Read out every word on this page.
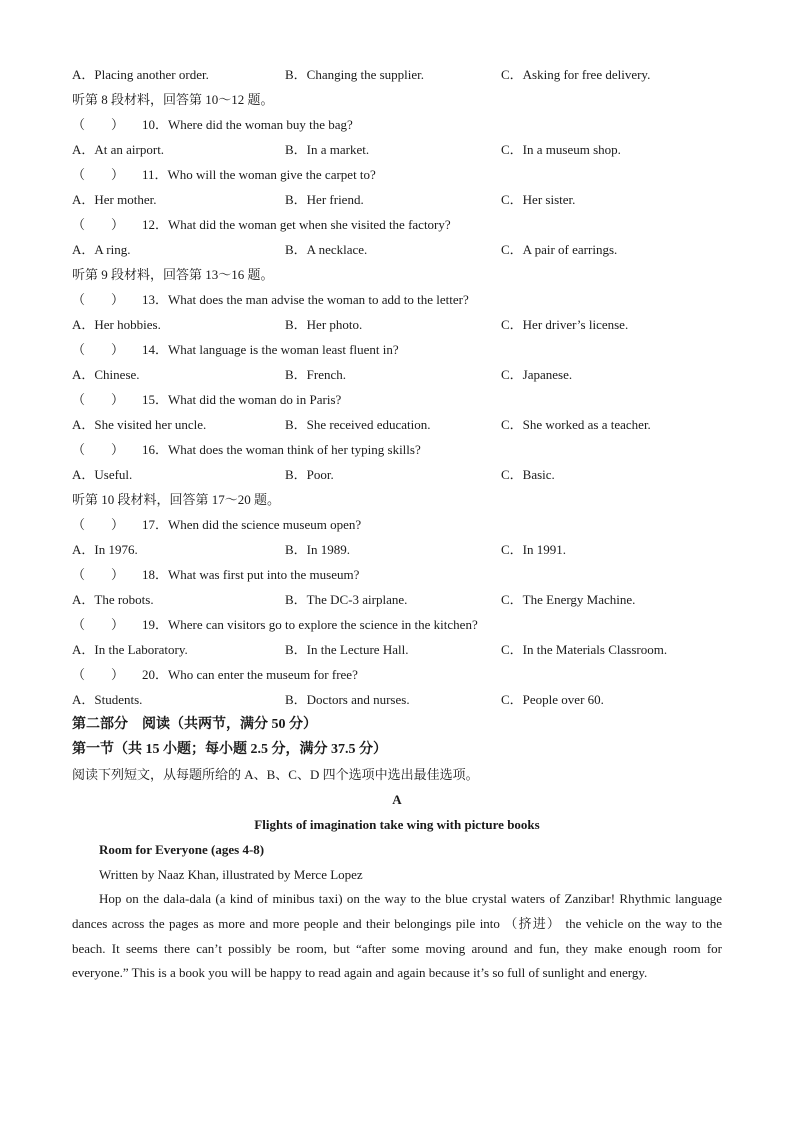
A．Placing another order.	B．Changing the supplier.	C．Asking for free delivery.
听第 8 段材料，回答第 10～12 题。
（　　） 10．Where did the woman buy the bag?
A．At an airport.	B．In a market.	C．In a museum shop.
（　　） 11．Who will the woman give the carpet to?
A．Her mother.	B．Her friend.	C．Her sister.
（　　） 12．What did the woman get when she visited the factory?
A．A ring.	B．A necklace.	C．A pair of earrings.
听第 9 段材料，回答第 13～16 题。
（　　） 13．What does the man advise the woman to add to the letter?
A．Her hobbies.	B．Her photo.	C．Her driver’s license.
（　　） 14．What language is the woman least fluent in?
A．Chinese.	B．French.	C．Japanese.
（　　） 15．What did the woman do in Paris?
A．She visited her uncle.	B．She received education.	C．She worked as a teacher.
（　　） 16．What does the woman think of her typing skills?
A．Useful.	B．Poor.	C．Basic.
听第 10 段材料，回答第 17～20 题。
（　　） 17．When did the science museum open?
A．In 1976.	B．In 1989.	C．In 1991.
（　　） 18．What was first put into the museum?
A．The robots.	B．The DC-3 airplane.	C．The Energy Machine.
（　　） 19．Where can visitors go to explore the science in the kitchen?
A．In the Laboratory.	B．In the Lecture Hall.	C．In the Materials Classroom.
（　　） 20．Who can enter the museum for free?
A．Students.	B．Doctors and nurses.	C．People over 60.
第二部分　阅读（共两节，满分 50 分）
第一节（共 15 小题；每小题 2.5 分，满分 37.5 分）
阅读下列短文，从每题所给的 A、B、C、D 四个选项中选出最佳选项。
A
Flights of imagination take wing with picture books
Room for Everyone (ages 4-8)
Written by Naaz Khan, illustrated by Merce Lopez

Hop on the dala-dala (a kind of minibus taxi) on the way to the blue crystal waters of Zanzibar! Rhythmic language dances across the pages as more and more people and their belongings pile into （挤进） the vehicle on the way to the beach. It seems there can’t possibly be room, but “after some moving around and fun, they make enough room for everyone.” This is a book you will be happy to read again and again because it’s so full of sunlight and energy.
